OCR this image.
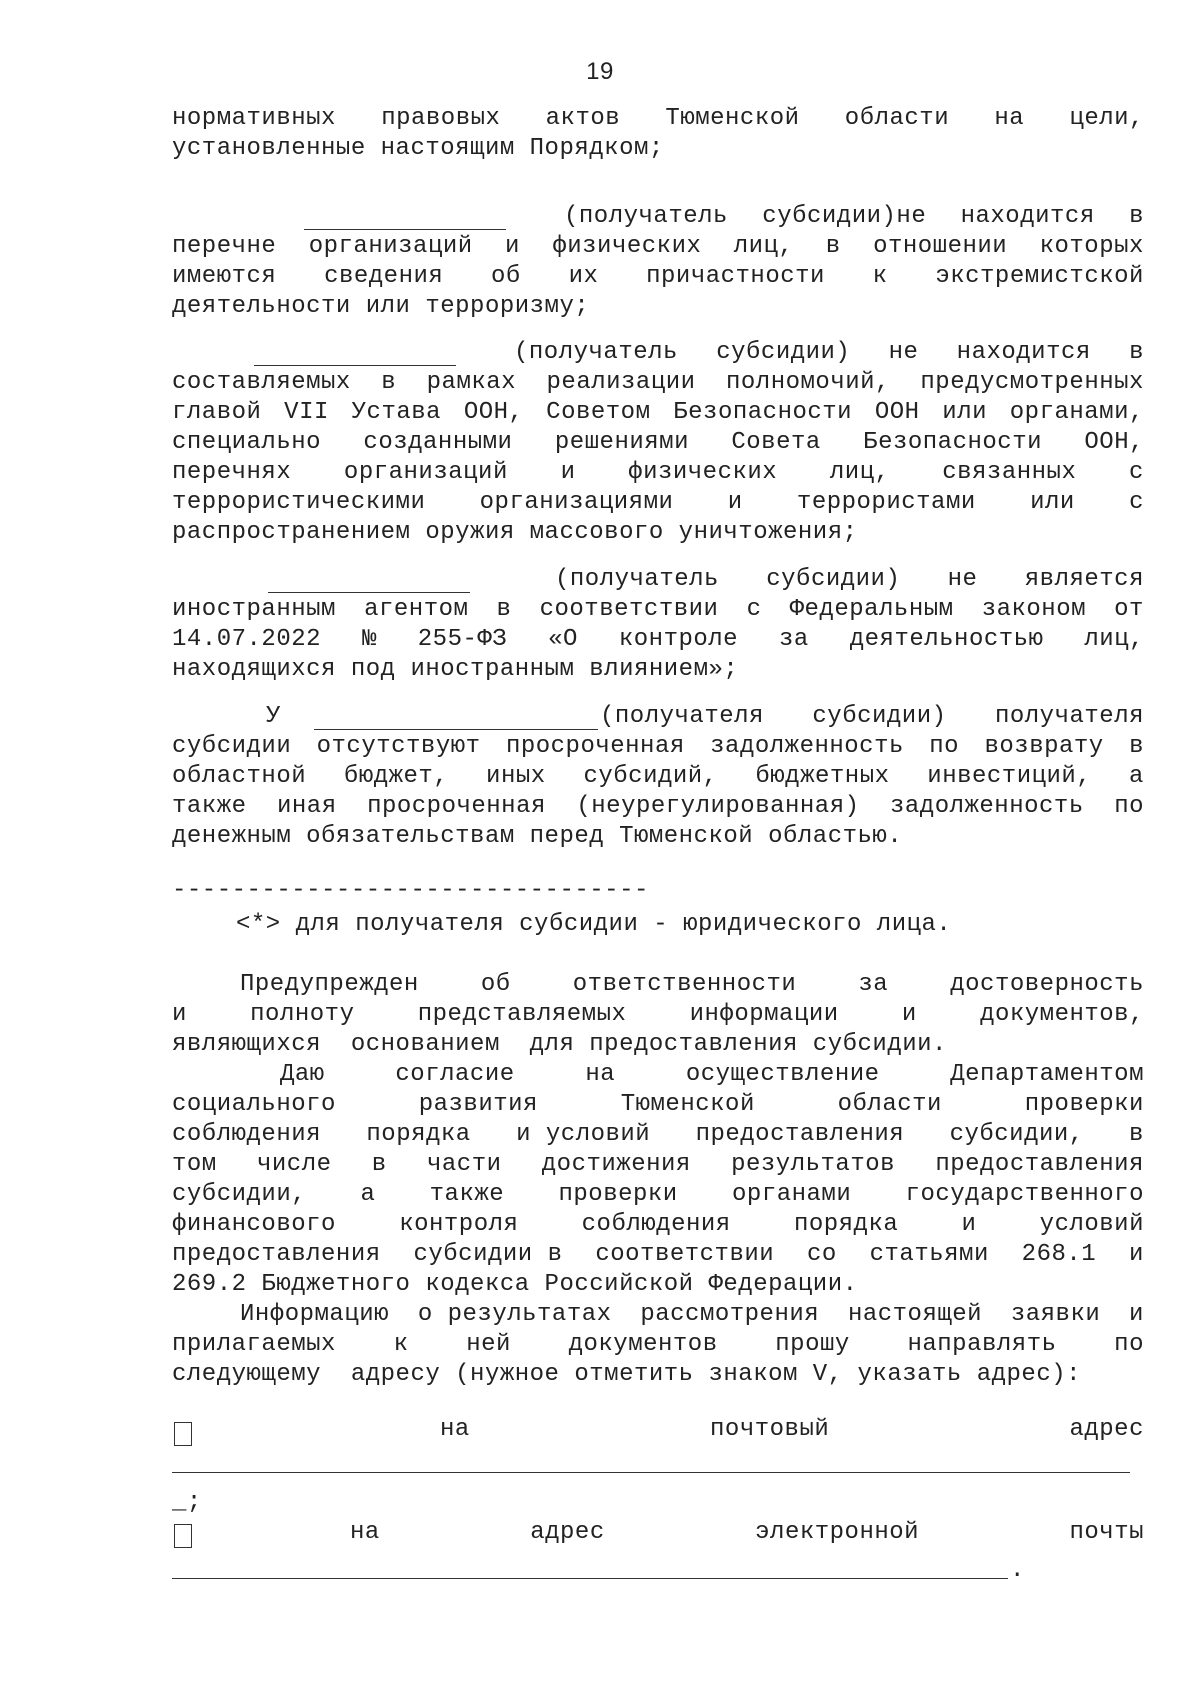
19
нормативных правовых актов Тюменской области на цели,
установленные настоящим Порядком;
(получатель субсидии)не находится в
перечне организаций и физических лиц, в отношении которых
имеются сведения об их причастности к экстремистской
деятельности или терроризму;
(получатель субсидии) не находится в
составляемых в рамках реализации полномочий, предусмотренных
главой VII Устава ООН, Советом Безопасности ООН или органами,
специально созданными решениями Совета Безопасности ООН,
перечнях организаций и физических лиц, связанных с
террористическими организациями и террористами или с
распространением оружия массового уничтожения;
(получатель субсидии) не является
иностранным агентом в соответствии с Федеральным законом от
14.07.2022 № 255-ФЗ «О контроле за деятельностью лиц,
находящихся под иностранным влиянием»;
У	(получателя субсидии) получателя
субсидии отсутствуют просроченная задолженность по возврату в
областной бюджет, иных субсидий, бюджетных инвестиций, а
также иная просроченная (неурегулированная) задолженность по
денежным обязательствам перед Тюменской областью.
--------------------------------
<*> для получателя субсидии - юридического лица.
Предупрежден	об	ответственности	за	достоверность
и	полноту	представляемых	информации	и	документов,
являющихся  основанием  для предоставления субсидии.
Даю	согласие	на	осуществление	Департаментом
социального	развития	Тюменской	области	проверки
соблюдения порядка и условий предоставления субсидии, в
том числе в части достижения результатов предоставления
субсидии, а также проверки органами государственного
финансового	контроля	соблюдения	порядка	и	условий
предоставления субсидии в соответствии со статьями 268.1 и
269.2 Бюджетного кодекса Российской Федерации.
Информацию о результатах рассмотрения настоящей заявки и
прилагаемых к ней документов прошу направлять по
следующему  адресу (нужное отметить знаком V, указать адрес):
на	почтовый	адрес
_;
на	адрес	электронной	почты
.
